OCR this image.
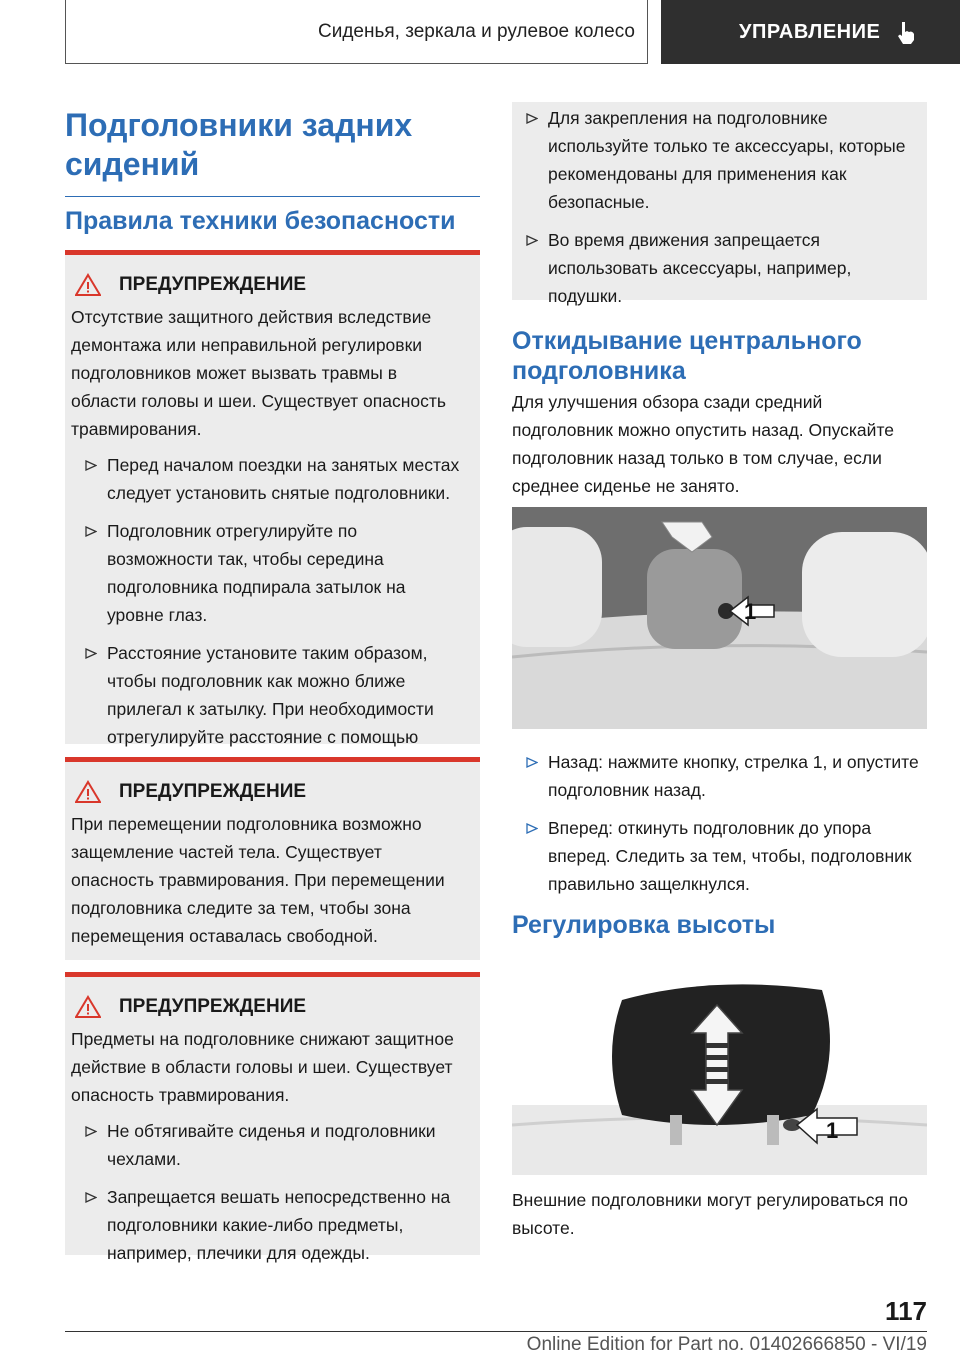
Сиденья, зеркала и рулевое колесо	УПРАВЛЕНИЕ
Подголовники задних сидений
Правила техники безопасности
ПРЕДУПРЕЖДЕНИЕ
Отсутствие защитного действия вследствие демонтажа или неправильной регулировки подголовников может вызвать травмы в области головы и шеи. Существует опасность травмирования.
Перед началом поездки на занятых местах следует установить снятые подголовники.
Подголовник отрегулируйте по возможности так, чтобы середина подголовника подпирала затылок на уровне глаз.
Расстояние установите таким образом, чтобы подголовник как можно ближе прилегал к затылку. При необходимости отрегулируйте расстояние с помощью
ПРЕДУПРЕЖДЕНИЕ
При перемещении подголовника возможно защемление частей тела. Существует опасность травмирования. При перемещении подголовника следите за тем, чтобы зона перемещения оставалась свободной.
ПРЕДУПРЕЖДЕНИЕ
Предметы на подголовнике снижают защитное действие в области головы и шеи. Существует опасность травмирования.
Не обтягивайте сиденья и подголовники чехлами.
Запрещается вешать непосредственно на подголовники какие-либо предметы, например, плечики для одежды.
Для закрепления на подголовнике используйте только те аксессуары, которые рекомендованы для применения как безопасные.
Во время движения запрещается использовать аксессуары, например, подушки.
Откидывание центрального подголовника
Для улучшения обзора сзади средний подголовник можно опустить назад. Опускайте подголовник назад только в том случае, если среднее сиденье не занято.
1
Назад: нажмите кнопку, стрелка 1, и опустите подголовник назад.
Вперед: откинуть подголовник до упора вперед. Следить за тем, чтобы, подголовник правильно защелкнулся.
Регулировка высоты
1
Внешние подголовники могут регулироваться по высоте.
117
Online Edition for Part no. 01402666850 - VI/19
